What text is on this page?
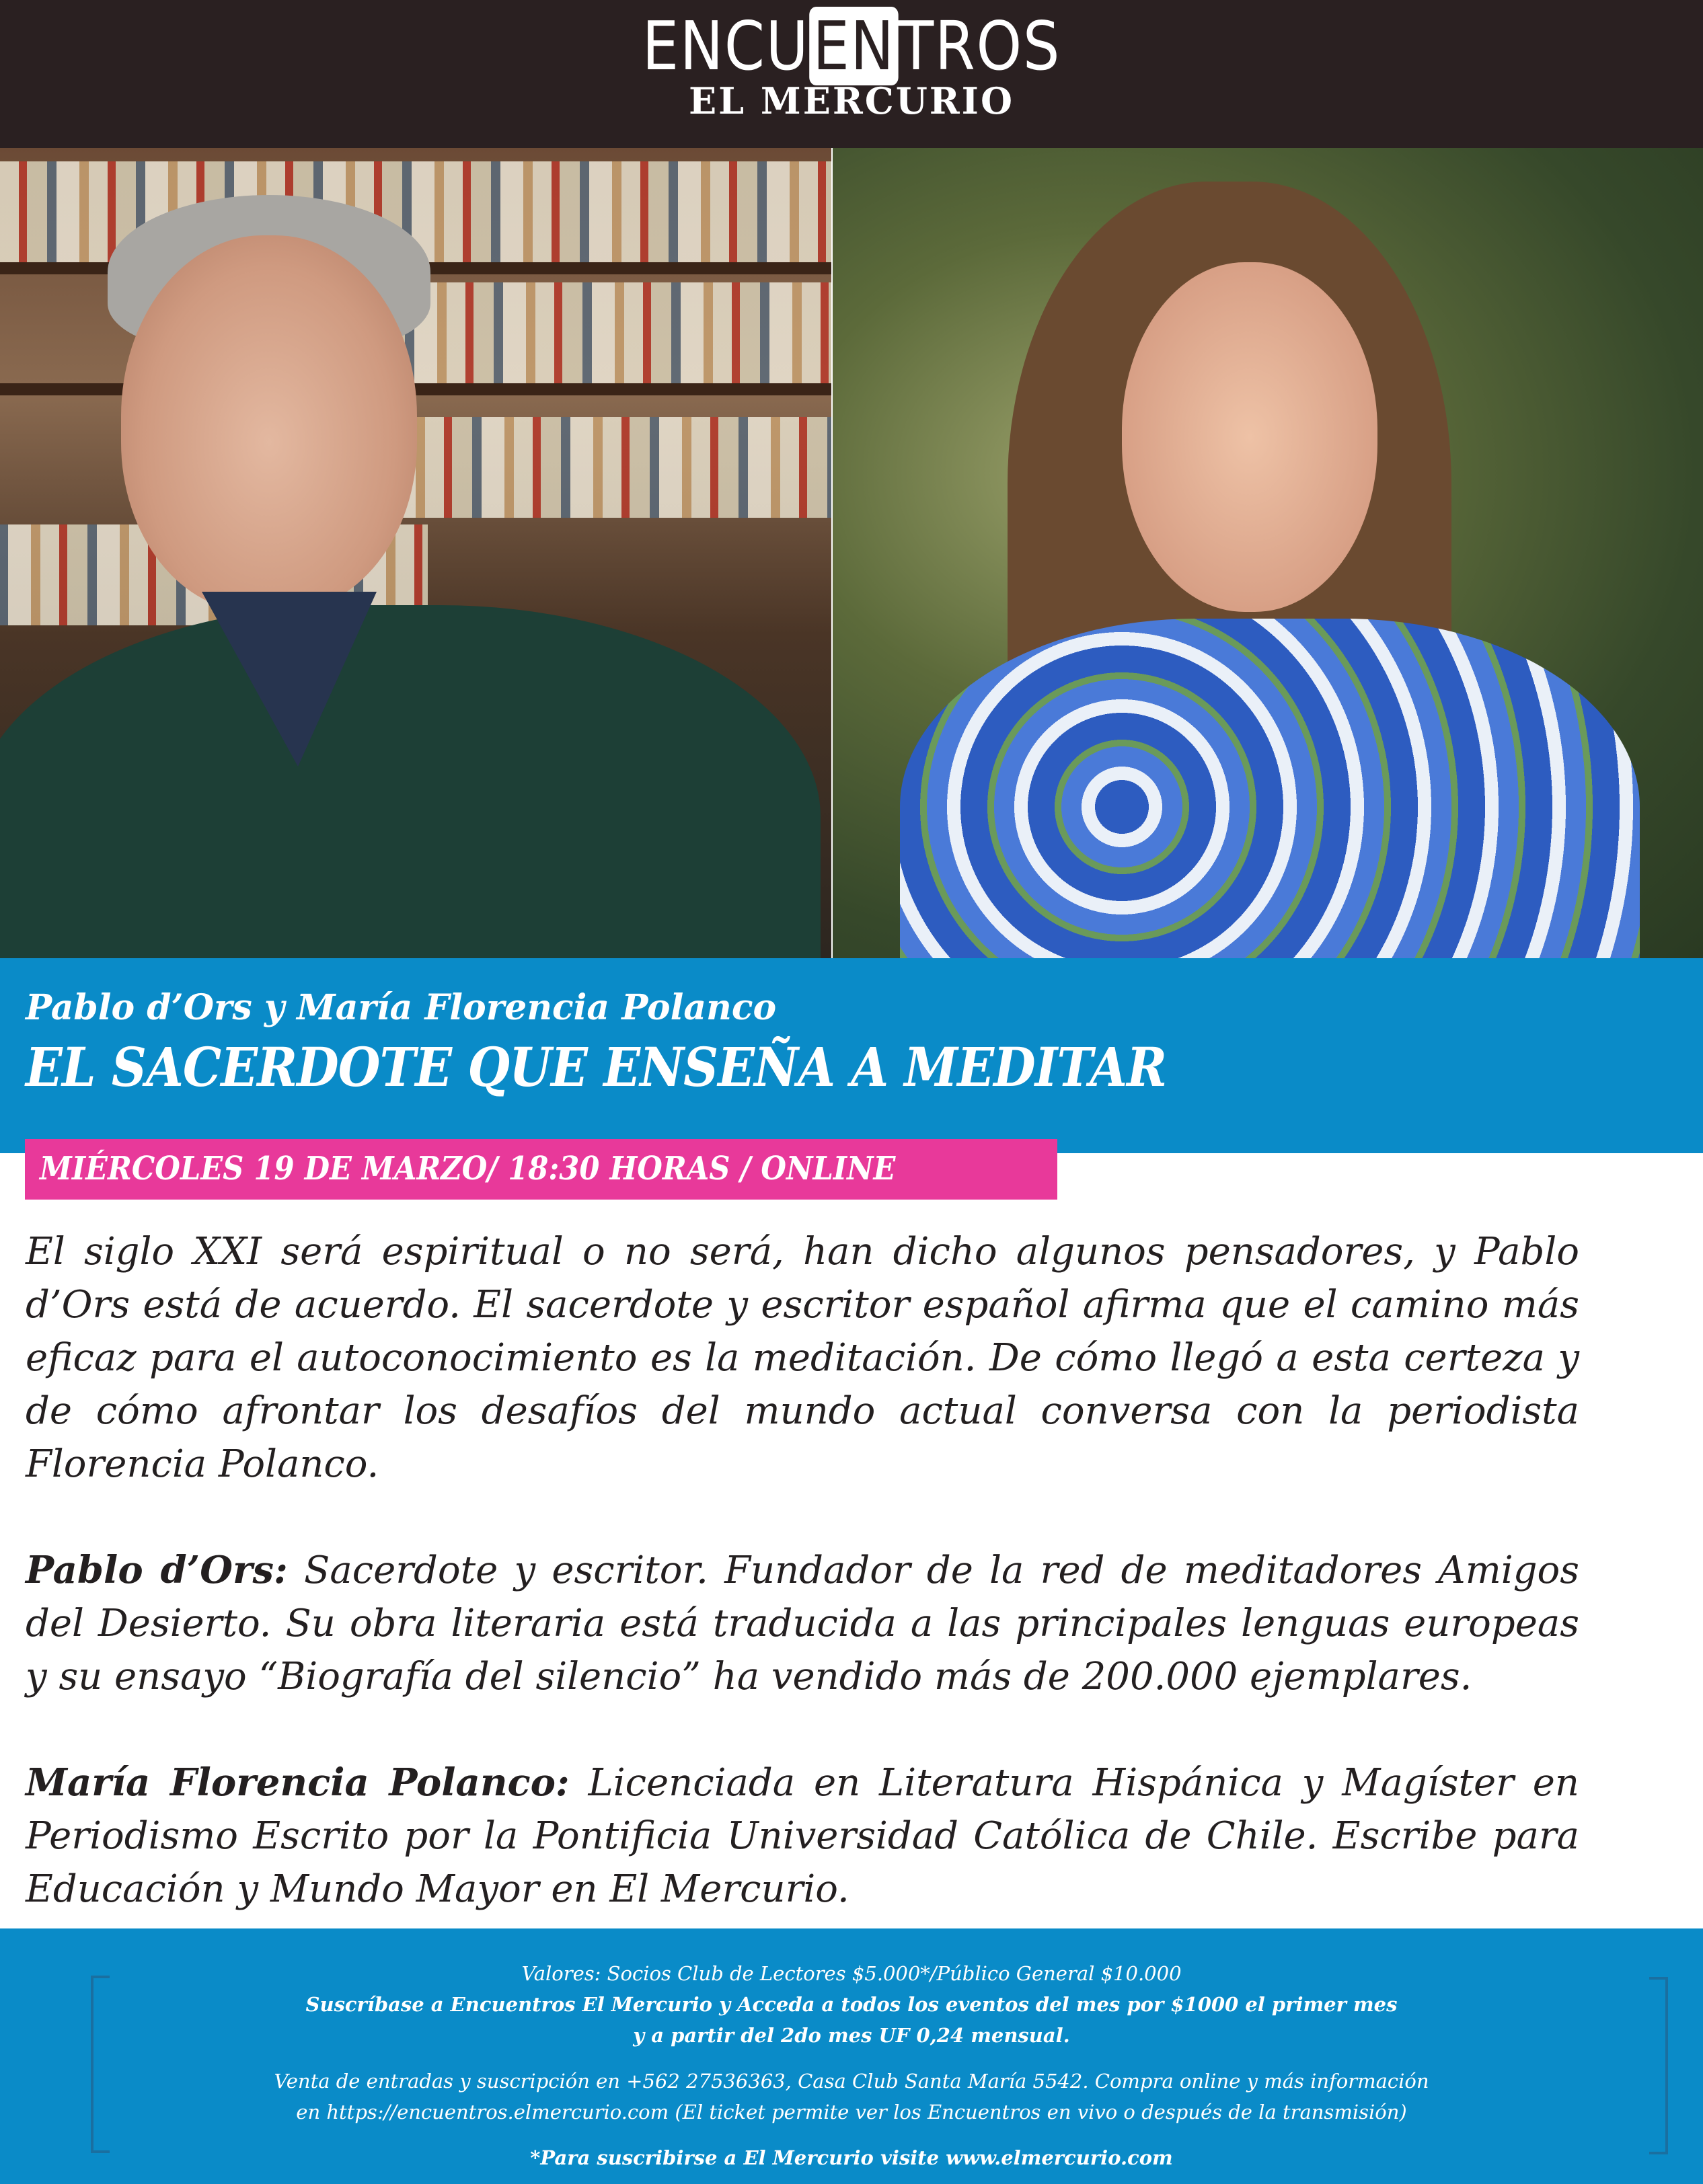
ENCUENTROS
EL MERCURIO
Pablo d’Ors y María Florencia Polanco
EL SACERDOTE QUE ENSEÑA A MEDITAR
MIÉRCOLES 19 DE MARZO/ 18:30 HORAS / ONLINE

El siglo XXI será espiritual o no será, han dicho algunos pensadores, y Pablo d’Ors está de acuerdo. El sacerdote y escritor español afirma que el camino más eficaz para el autoconocimiento es la meditación. De cómo llegó a esta certeza y de cómo afrontar los desafíos del mundo actual conversa con la periodista Florencia Polanco.

Pablo d’Ors: Sacerdote y escritor. Fundador de la red de meditadores Amigos del Desierto. Su obra literaria está traducida a las principales lenguas europeas y su ensayo “Biografía del silencio” ha vendido más de 200.000 ejemplares.

María Florencia Polanco: Licenciada en Literatura Hispánica y Magíster en Periodismo Escrito por la Pontificia Universidad Católica de Chile. Escribe para Educación y Mundo Mayor en El Mercurio.

Valores: Socios Club de Lectores $5.000*/Público General $10.000
Suscríbase a Encuentros El Mercurio y Acceda a todos los eventos del mes por $1000 el primer mes
y a partir del 2do mes UF 0,24 mensual.
Venta de entradas y suscripción en +562 27536363, Casa Club Santa María 5542. Compra online y más información
en https://encuentros.elmercurio.com (El ticket permite ver los Encuentros en vivo o después de la transmisión)
*Para suscribirse a El Mercurio visite www.elmercurio.com
